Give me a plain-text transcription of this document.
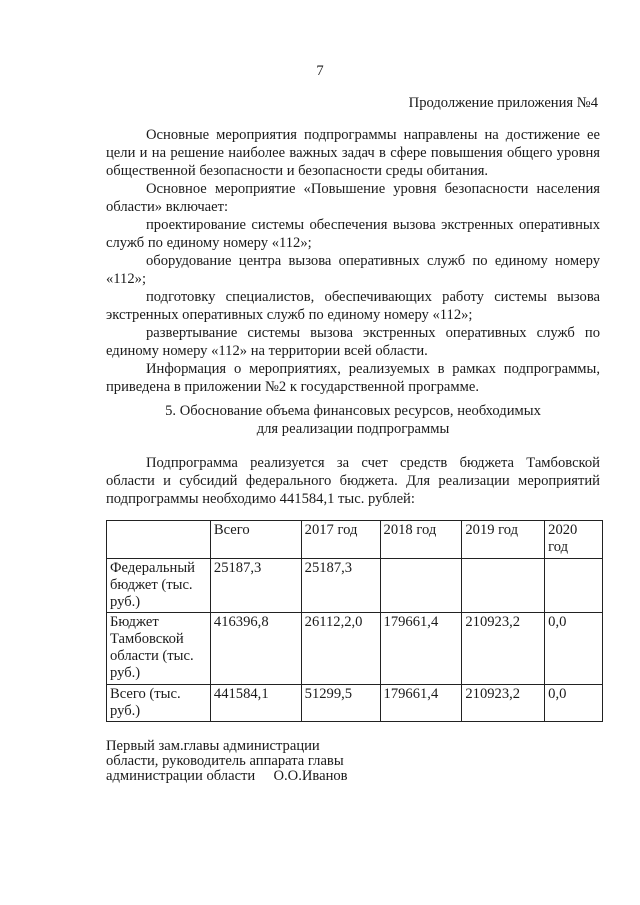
7
Продолжение приложения №4
Основные мероприятия подпрограммы направлены на достижение ее цели и на решение наиболее важных задач в сфере повышения общего уровня общественной безопасности и безопасности среды обитания.
Основное мероприятие «Повышение уровня безопасности населения области» включает:
проектирование системы обеспечения вызова экстренных оперативных служб по единому номеру «112»;
оборудование центра вызова оперативных служб по единому номеру «112»;
подготовку специалистов, обеспечивающих работу системы вызова экстренных оперативных служб по единому номеру «112»;
развертывание системы вызова экстренных оперативных служб по единому номеру «112» на территории всей области.
Информация о мероприятиях, реализуемых в рамках подпрограммы, приведена в приложении №2 к государственной программе.
5. Обоснование объема финансовых ресурсов, необходимых
для реализации подпрограммы
Подпрограмма реализуется за счет средств бюджета Тамбовской области и субсидий федерального бюджета. Для реализации мероприятий подпрограммы необходимо 441584,1 тыс. рублей:
	Всего	2017 год	2018 год	2019 год	2020 год
Федеральный бюджет (тыс. руб.)	25187,3	25187,3			
Бюджет Тамбовской области (тыс. руб.)	416396,8	26112,2,0	179661,4	210923,2	0,0
Всего (тыс. руб.)	441584,1	51299,5	179661,4	210923,2	0,0
Первый зам.главы администрации
области, руководитель аппарата главы
администрации области     О.О.Иванов
